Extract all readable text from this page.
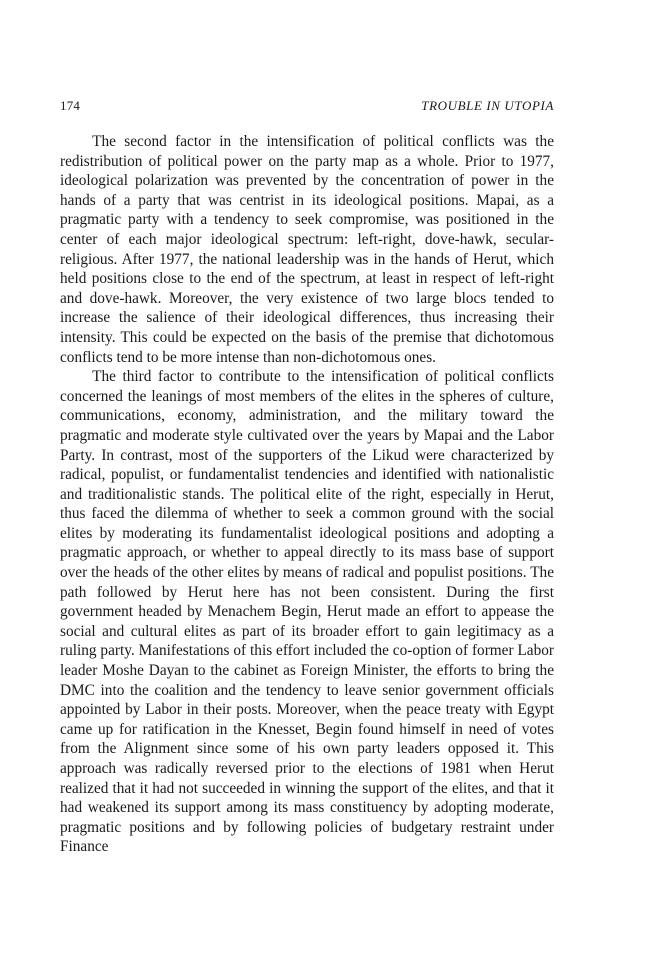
174	TROUBLE IN UTOPIA

The second factor in the intensification of political conflicts was the redistribution of political power on the party map as a whole. Prior to 1977, ideological polarization was prevented by the concentration of power in the hands of a party that was centrist in its ideological positions. Mapai, as a pragmatic party with a tendency to seek compromise, was positioned in the center of each major ideological spectrum: left-right, dove-hawk, secular-religious. After 1977, the national leadership was in the hands of Herut, which held positions close to the end of the spectrum, at least in respect of left-right and dove-hawk. Moreover, the very existence of two large blocs tended to increase the salience of their ideological differences, thus increasing their intensity. This could be expected on the basis of the premise that dichotomous conflicts tend to be more intense than non-dichotomous ones.

The third factor to contribute to the intensification of political conflicts concerned the leanings of most members of the elites in the spheres of culture, communications, economy, administration, and the military toward the pragmatic and moderate style cultivated over the years by Mapai and the Labor Party. In contrast, most of the supporters of the Likud were characterized by radical, populist, or fundamentalist tendencies and identified with nationalistic and traditionalistic stands. The political elite of the right, especially in Herut, thus faced the dilemma of whether to seek a common ground with the social elites by moderating its fundamentalist ideological positions and adopting a pragmatic approach, or whether to appeal directly to its mass base of support over the heads of the other elites by means of radical and populist positions. The path followed by Herut here has not been consistent. During the first government headed by Menachem Begin, Herut made an effort to appease the social and cultural elites as part of its broader effort to gain legitimacy as a ruling party. Manifestations of this effort included the co-option of former Labor leader Moshe Dayan to the cabinet as Foreign Minister, the efforts to bring the DMC into the coalition and the tendency to leave senior government officials appointed by Labor in their posts. Moreover, when the peace treaty with Egypt came up for ratification in the Knesset, Begin found himself in need of votes from the Alignment since some of his own party leaders opposed it. This approach was radically reversed prior to the elections of 1981 when Herut realized that it had not succeeded in winning the support of the elites, and that it had weakened its support among its mass constituency by adopting moderate, pragmatic positions and by following policies of budgetary restraint under Finance
